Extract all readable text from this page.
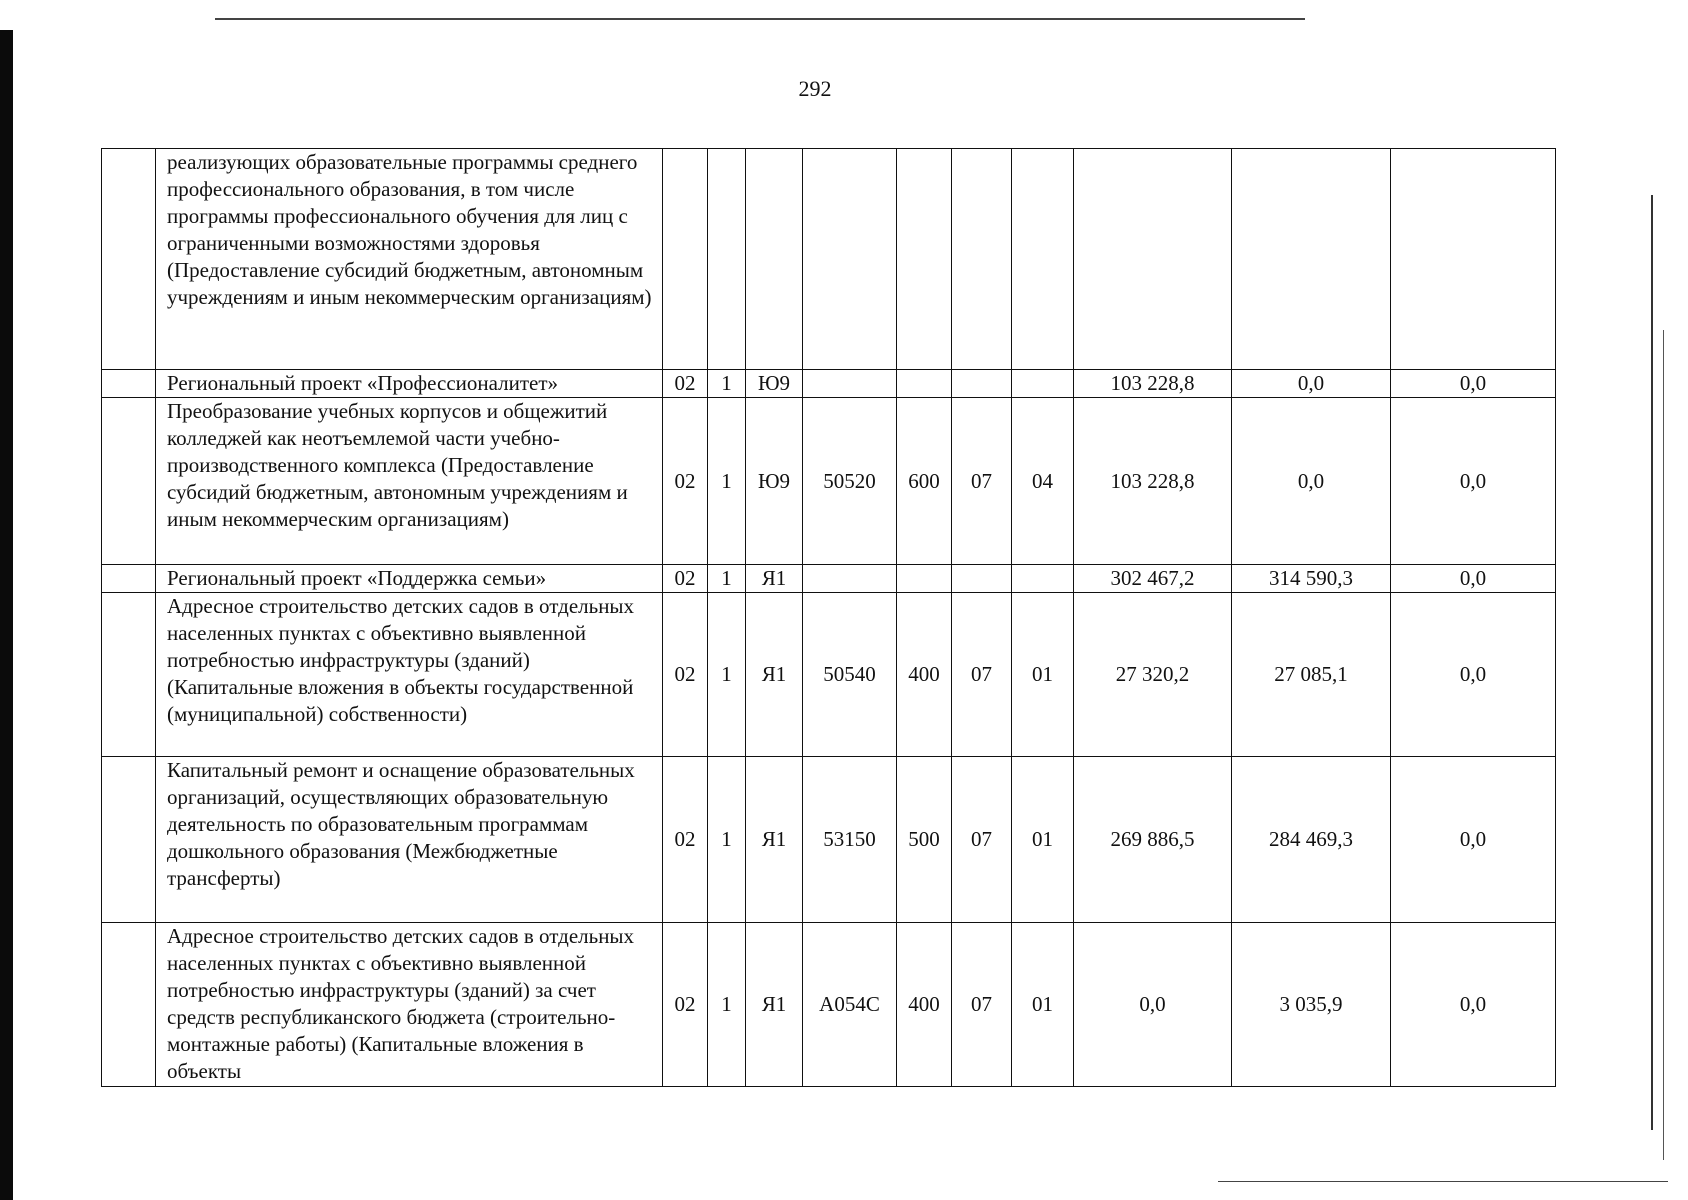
292
	реализующих образовательные программы среднего профессионального образования, в том числе программы профессионального обучения для лиц с ограниченными возможностями здоровья (Предоставление субсидий бюджетным, автономным учреждениям и иным некоммерческим организациям)										
	Региональный проект «Профессионалитет»	02	1	Ю9					103 228,8	0,0	0,0
	Преобразование учебных корпусов и общежитий колледжей как неотъемлемой части учебно-производственного комплекса (Предоставление субсидий бюджетным, автономным учреждениям и иным некоммерческим организациям)	02	1	Ю9	50520	600	07	04	103 228,8	0,0	0,0
	Региональный проект «Поддержка семьи»	02	1	Я1					302 467,2	314 590,3	0,0
	Адресное строительство детских садов в отдельных населенных пунктах с объективно выявленной потребностью инфраструктуры (зданий) (Капитальные вложения в объекты государственной (муниципальной) собственности)	02	1	Я1	50540	400	07	01	27 320,2	27 085,1	0,0
	Капитальный ремонт и оснащение образовательных организаций, осуществляющих образовательную деятельность по образовательным программам дошкольного образования (Межбюджетные трансферты)	02	1	Я1	53150	500	07	01	269 886,5	284 469,3	0,0
	Адресное строительство детских садов в отдельных населенных пунктах с объективно выявленной потребностью инфраструктуры (зданий) за счет средств республиканского бюджета (строительно-монтажные работы) (Капитальные вложения в объекты	02	1	Я1	А054С	400	07	01	0,0	3 035,9	0,0
